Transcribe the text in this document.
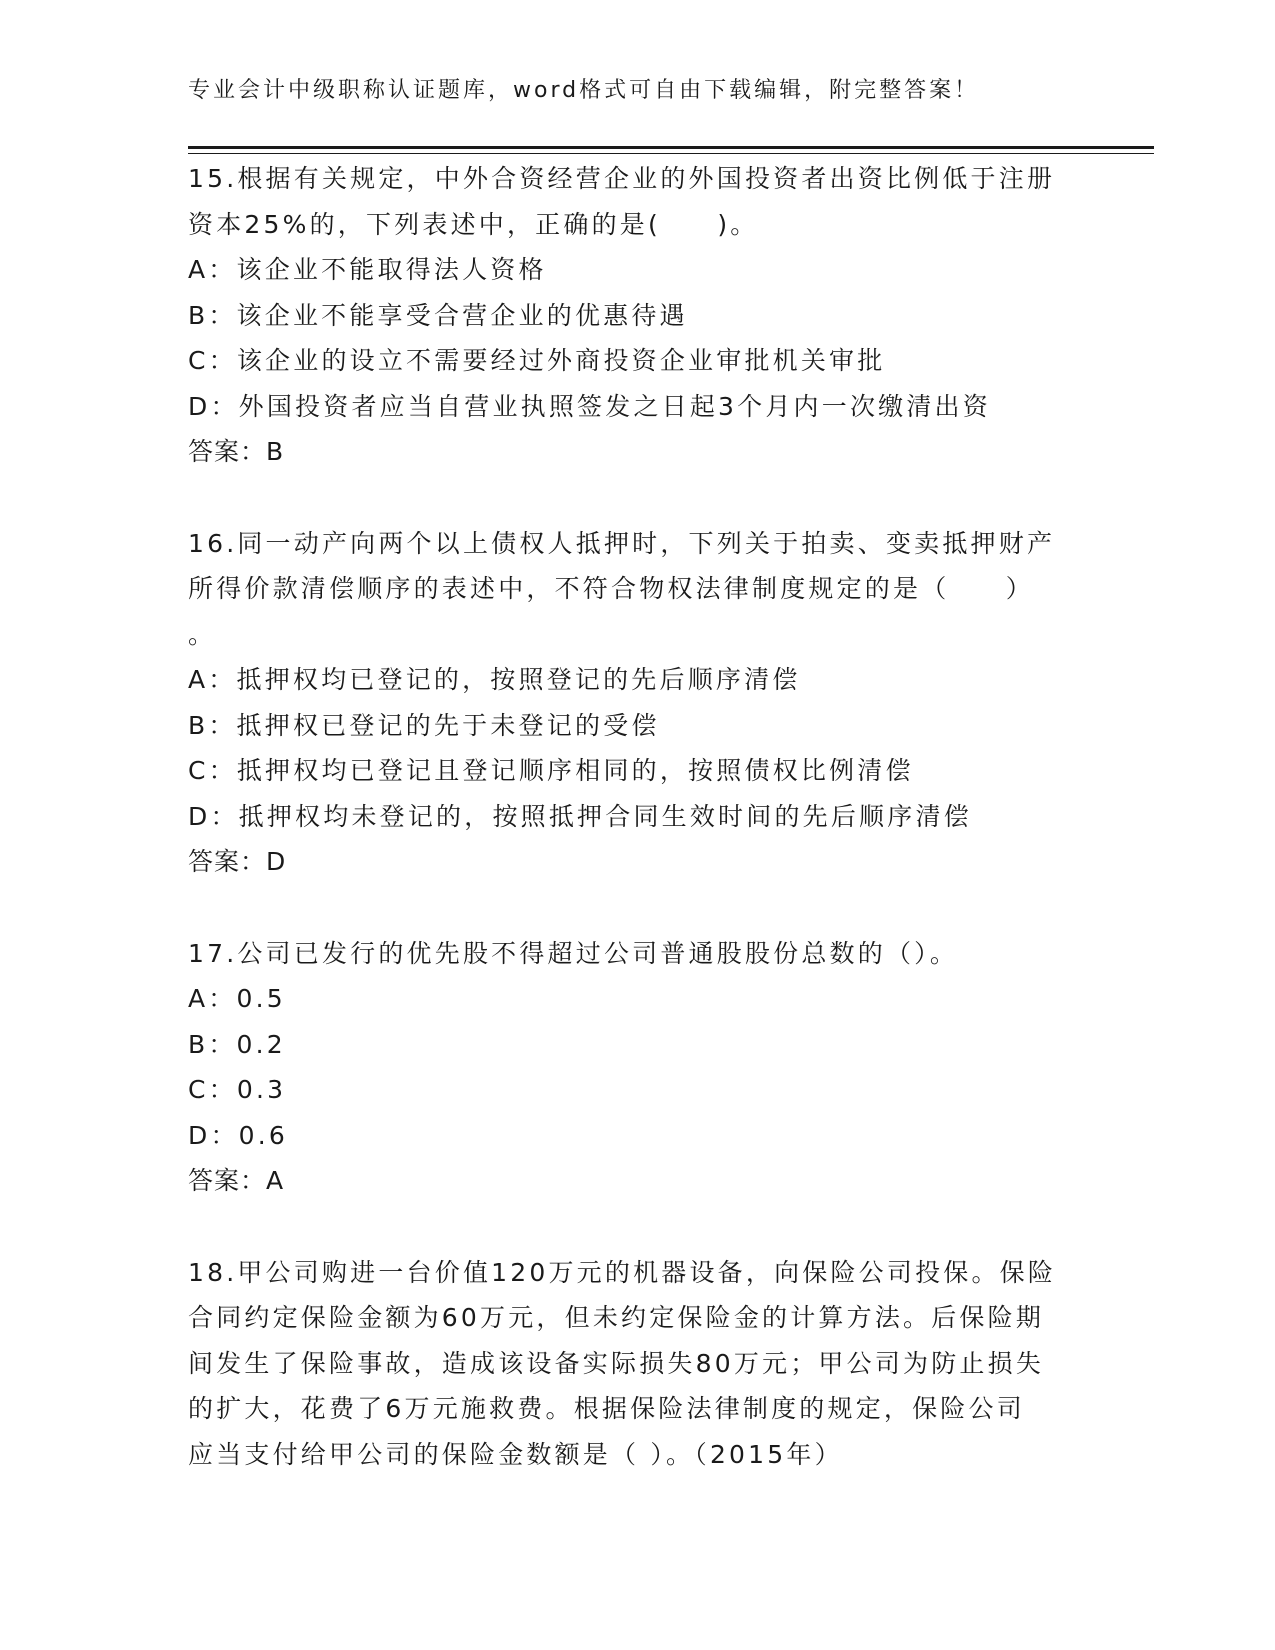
专业会计中级职称认证题库，word格式可自由下载编辑，附完整答案！
15.根据有关规定，中外合资经营企业的外国投资者出资比例低于注册
资本25%的，下列表述中，正确的是(　　)。
A：该企业不能取得法人资格
B：该企业不能享受合营企业的优惠待遇
C：该企业的设立不需要经过外商投资企业审批机关审批
D：外国投资者应当自营业执照签发之日起3个月内一次缴清出资
答案：B
16.同一动产向两个以上债权人抵押时，下列关于拍卖、变卖抵押财产
所得价款清偿顺序的表述中，不符合物权法律制度规定的是（　　）
。
A：抵押权均已登记的，按照登记的先后顺序清偿
B：抵押权已登记的先于未登记的受偿
C：抵押权均已登记且登记顺序相同的，按照债权比例清偿
D：抵押权均未登记的，按照抵押合同生效时间的先后顺序清偿
答案：D
17.公司已发行的优先股不得超过公司普通股股份总数的（）。
A：0.5
B：0.2
C：0.3
D：0.6
答案：A
18.甲公司购进一台价值120万元的机器设备，向保险公司投保。保险
合同约定保险金额为60万元，但未约定保险金的计算方法。后保险期
间发生了保险事故，造成该设备实际损失80万元；甲公司为防止损失
的扩大，花费了6万元施救费。根据保险法律制度的规定，保险公司
应当支付给甲公司的保险金数额是（ ）。（2015年）
